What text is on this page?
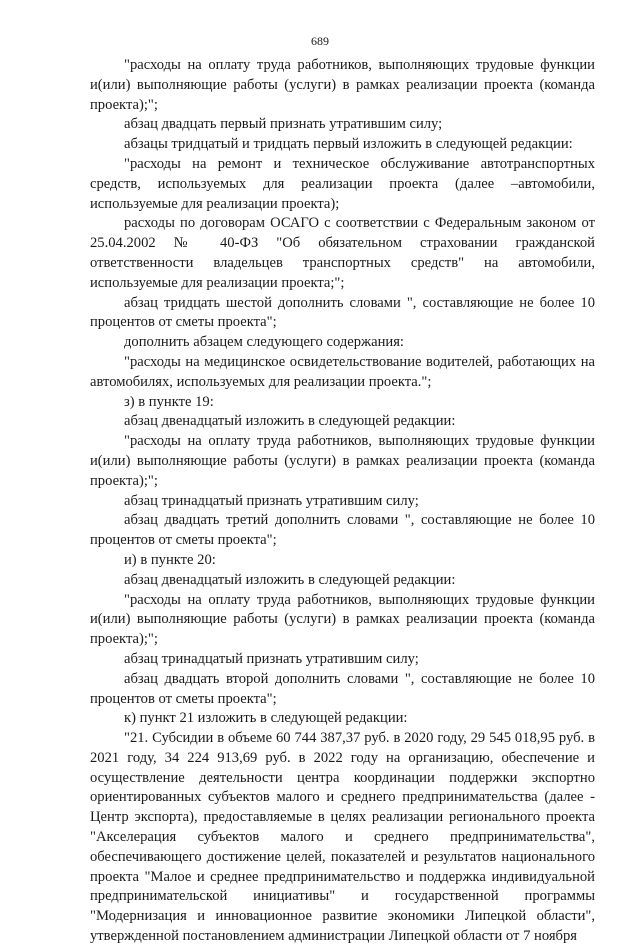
689

"расходы на оплату труда работников, выполняющих трудовые функции и(или) выполняющие работы (услуги) в рамках реализации проекта (команда проекта);";

абзац двадцать первый признать утратившим силу;

абзацы тридцатый и тридцать первый изложить в следующей редакции:

"расходы на ремонт и техническое обслуживание автотранспортных средств, используемых для реализации проекта (далее –автомобили, используемые для реализации проекта);

расходы по договорам ОСАГО с соответствии с Федеральным законом от 25.04.2002 № 40-ФЗ "Об обязательном страховании гражданской ответственности владельцев транспортных средств" на автомобили, используемые для реализации проекта;";

абзац тридцать шестой дополнить словами ", составляющие не более 10 процентов от сметы проекта";

дополнить абзацем следующего содержания:

"расходы на медицинское освидетельствование водителей, работающих на автомобилях, используемых для реализации проекта.";

з) в пункте 19:

абзац двенадцатый изложить в следующей редакции:

"расходы на оплату труда работников, выполняющих трудовые функции и(или) выполняющие работы (услуги) в рамках реализации проекта (команда проекта);";

абзац тринадцатый признать утратившим силу;

абзац двадцать третий дополнить словами ", составляющие не более 10 процентов от сметы проекта";

и) в пункте 20:

абзац двенадцатый изложить в следующей редакции:

"расходы на оплату труда работников, выполняющих трудовые функции и(или) выполняющие работы (услуги) в рамках реализации проекта (команда проекта);";

абзац тринадцатый признать утратившим силу;

абзац двадцать второй дополнить словами ", составляющие не более 10 процентов от сметы проекта";

к) пункт 21 изложить в следующей редакции:

"21. Субсидии в объеме 60 744 387,37 руб. в 2020 году, 29 545 018,95 руб. в 2021 году, 34 224 913,69 руб. в 2022 году на организацию, обеспечение и осуществление деятельности центра координации поддержки экспортно ориентированных субъектов малого и среднего предпринимательства (далее - Центр экспорта), предоставляемые в целях реализации регионального проекта "Акселерация субъектов малого и среднего предпринимательства", обеспечивающего достижение целей, показателей и результатов национального проекта "Малое и среднее предпринимательство и поддержка индивидуальной предпринимательской инициативы" и государственной программы "Модернизация и инновационное развитие экономики Липецкой области", утвержденной постановлением администрации Липецкой области от 7 ноября
